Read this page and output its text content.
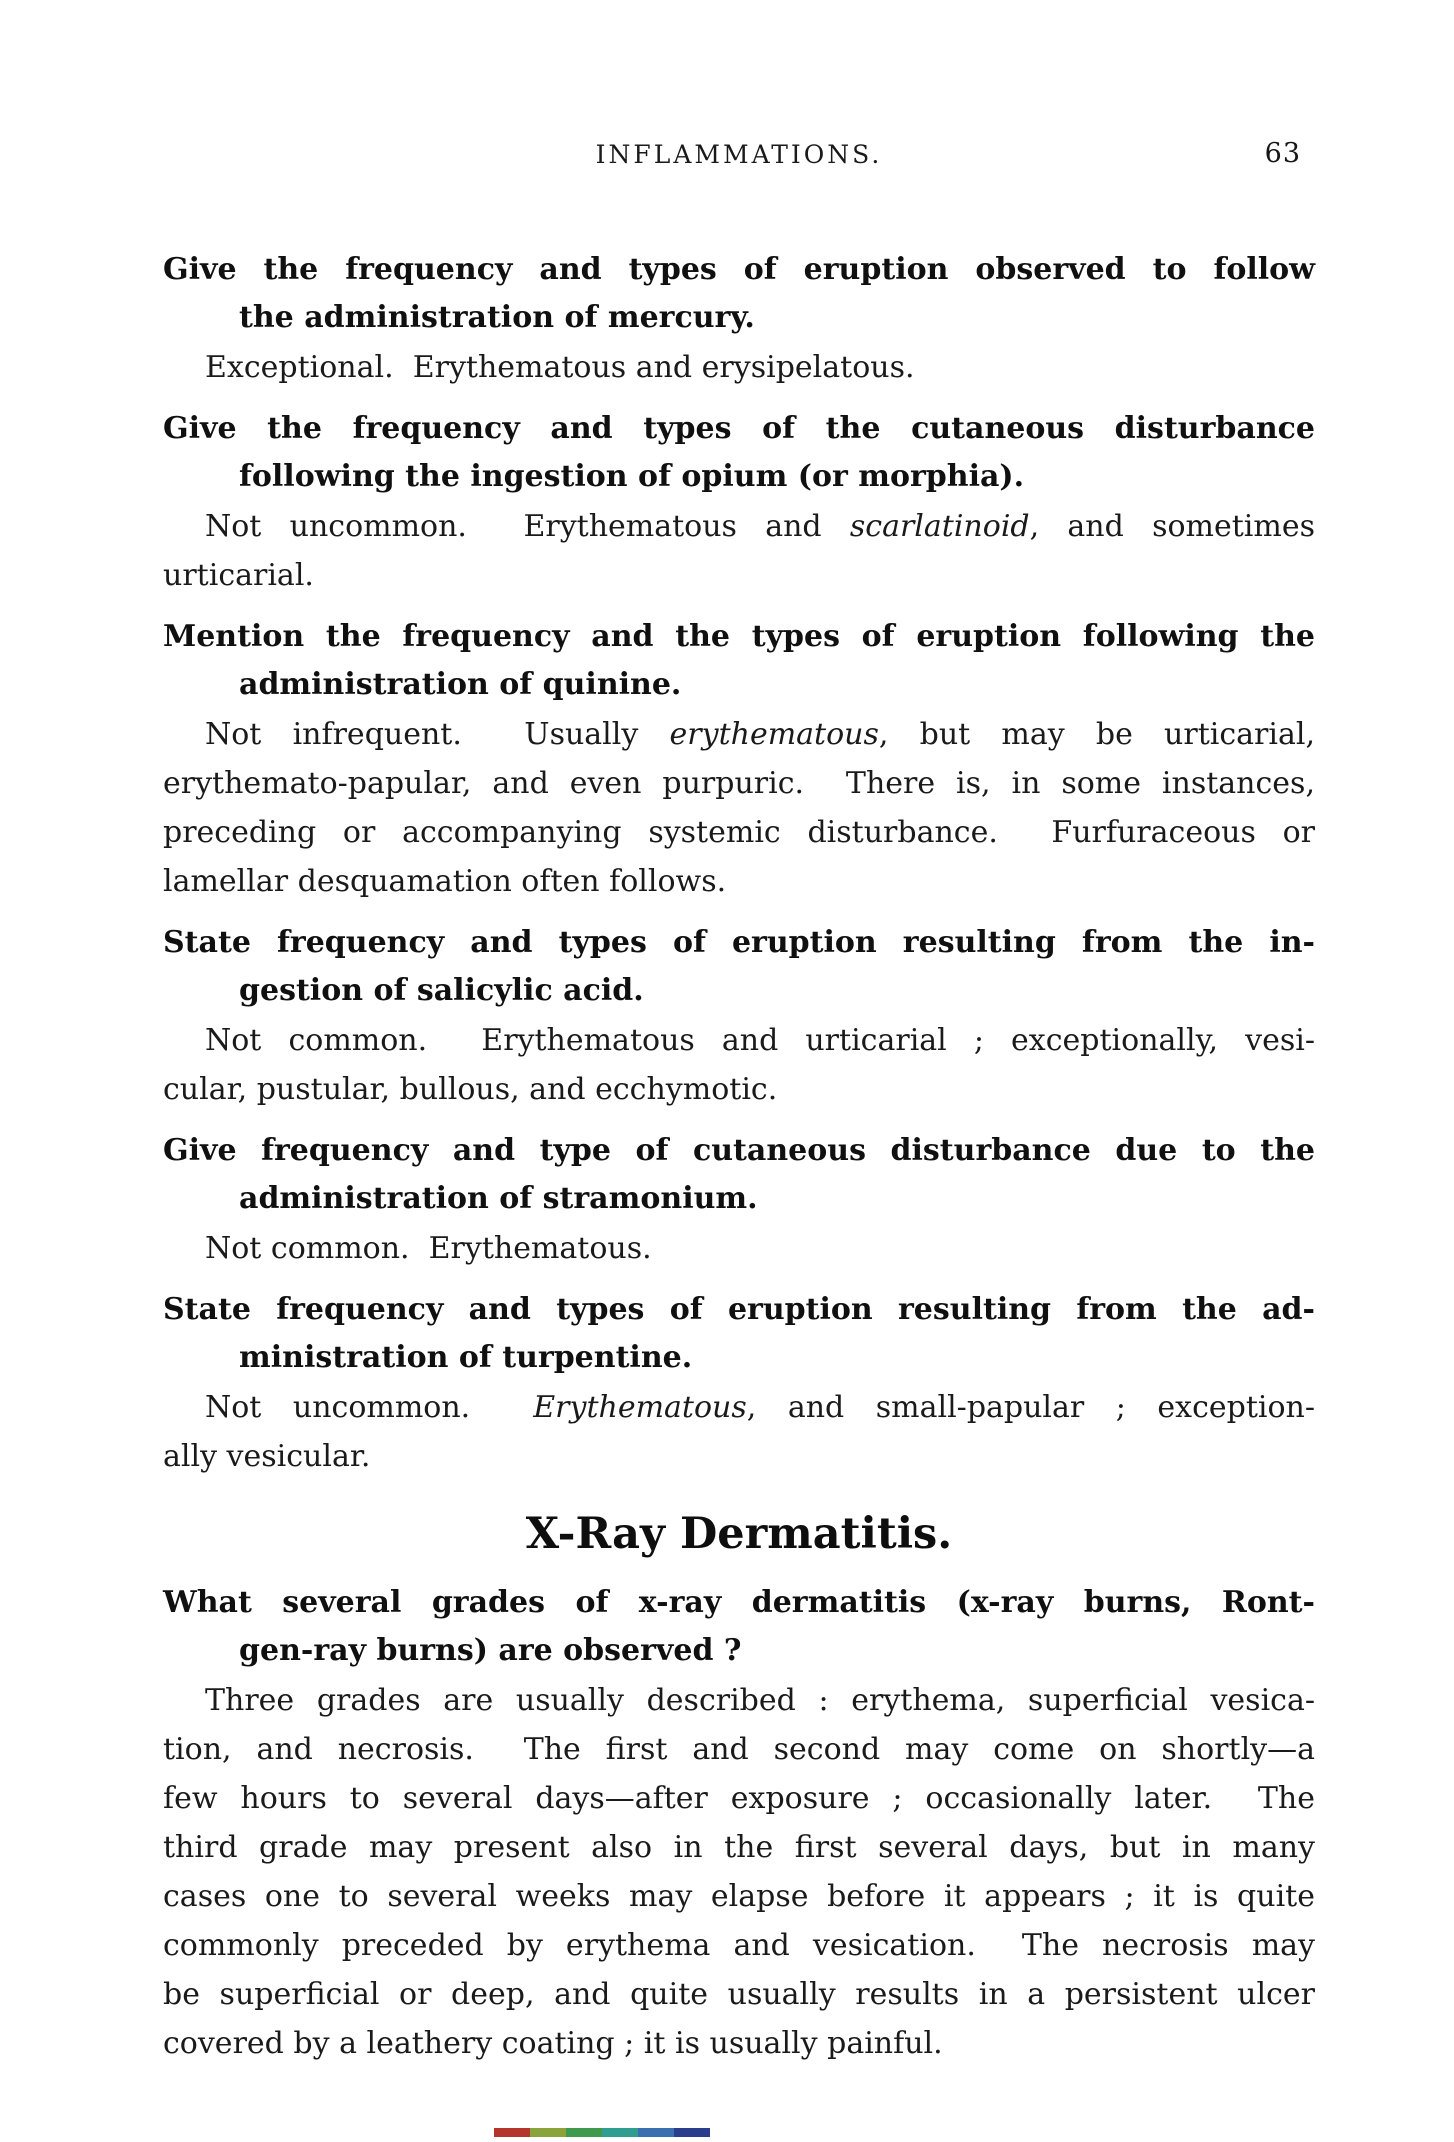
INFLAMMATIONS.	63
Give the frequency and types of eruption observed to follow
the administration of mercury.
Exceptional.  Erythematous and erysipelatous.
Give the frequency and types of the cutaneous disturbance
following the ingestion of opium (or morphia).
Not uncommon.  Erythematous and scarlatinoid, and sometimes
urticarial.
Mention the frequency and the types of eruption following the
administration of quinine.
Not infrequent.  Usually erythematous, but may be urticarial,
erythemato-papular, and even purpuric.  There is, in some instances,
preceding or accompanying systemic disturbance.  Furfuraceous or
lamellar desquamation often follows.
State frequency and types of eruption resulting from the in-
gestion of salicylic acid.
Not common.  Erythematous and urticarial ; exceptionally, vesi-
cular, pustular, bullous, and ecchymotic.
Give frequency and type of cutaneous disturbance due to the
administration of stramonium.
Not common.  Erythematous.
State frequency and types of eruption resulting from the ad-
ministration of turpentine.
Not uncommon.  Erythematous, and small-papular ; exception-
ally vesicular.
X-Ray Dermatitis.
What several grades of x-ray dermatitis (x-ray burns, Ront-
gen-ray burns) are observed ?
Three grades are usually described : erythema, superficial vesica-
tion, and necrosis.  The first and second may come on shortly—a
few hours to several days—after exposure ; occasionally later.  The
third grade may present also in the first several days, but in many
cases one to several weeks may elapse before it appears ; it is quite
commonly preceded by erythema and vesication.  The necrosis may
be superficial or deep, and quite usually results in a persistent ulcer
covered by a leathery coating ; it is usually painful.
